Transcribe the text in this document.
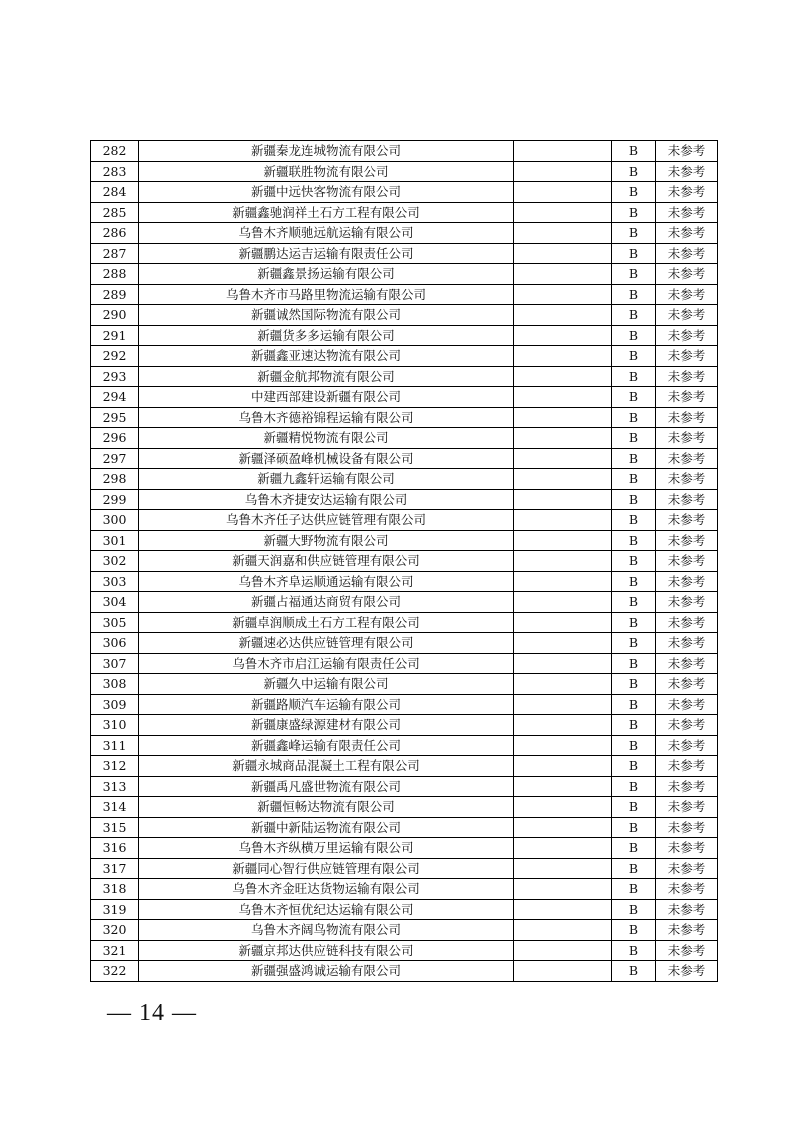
282	新疆秦龙连城物流有限公司		B	未参考
283	新疆联胜物流有限公司		B	未参考
284	新疆中远快客物流有限公司		B	未参考
285	新疆鑫驰润祥土石方工程有限公司		B	未参考
286	乌鲁木齐顺驰远航运输有限公司		B	未参考
287	新疆鹏达运吉运输有限责任公司		B	未参考
288	新疆鑫景扬运输有限公司		B	未参考
289	乌鲁木齐市马路里物流运输有限公司		B	未参考
290	新疆诚然国际物流有限公司		B	未参考
291	新疆货多多运输有限公司		B	未参考
292	新疆鑫亚速达物流有限公司		B	未参考
293	新疆金航邦物流有限公司		B	未参考
294	中建西部建设新疆有限公司		B	未参考
295	乌鲁木齐德裕锦程运输有限公司		B	未参考
296	新疆精悦物流有限公司		B	未参考
297	新疆泽硕盈峰机械设备有限公司		B	未参考
298	新疆九鑫轩运输有限公司		B	未参考
299	乌鲁木齐捷安达运输有限公司		B	未参考
300	乌鲁木齐任子达供应链管理有限公司		B	未参考
301	新疆大野物流有限公司		B	未参考
302	新疆天润嘉和供应链管理有限公司		B	未参考
303	乌鲁木齐阜运顺通运输有限公司		B	未参考
304	新疆占福通达商贸有限公司		B	未参考
305	新疆卓润顺成土石方工程有限公司		B	未参考
306	新疆速必达供应链管理有限公司		B	未参考
307	乌鲁木齐市启江运输有限责任公司		B	未参考
308	新疆久中运输有限公司		B	未参考
309	新疆路顺汽车运输有限公司		B	未参考
310	新疆康盛绿源建材有限公司		B	未参考
311	新疆鑫峰运输有限责任公司		B	未参考
312	新疆永城商品混凝土工程有限公司		B	未参考
313	新疆禹凡盛世物流有限公司		B	未参考
314	新疆恒畅达物流有限公司		B	未参考
315	新疆中新陆运物流有限公司		B	未参考
316	乌鲁木齐纵横万里运输有限公司		B	未参考
317	新疆同心智行供应链管理有限公司		B	未参考
318	乌鲁木齐金旺达货物运输有限公司		B	未参考
319	乌鲁木齐恒优纪达运输有限公司		B	未参考
320	乌鲁木齐阔鸟物流有限公司		B	未参考
321	新疆京邦达供应链科技有限公司		B	未参考
322	新疆强盛鸿诚运输有限公司		B	未参考
— 14 —
